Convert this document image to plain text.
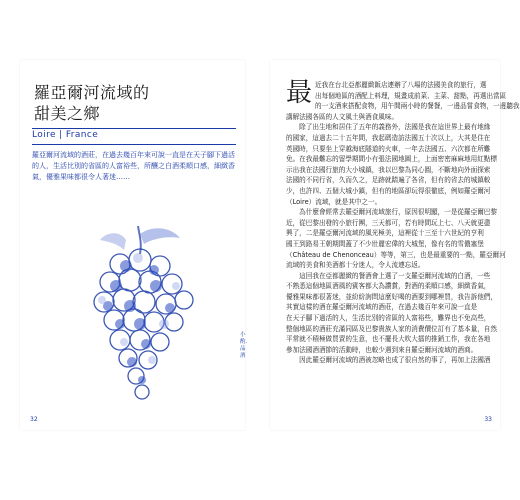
羅亞爾河流域的
甜美之鄉
Loire | France
羅亞爾河流域的酒莊，在過去幾百年來可說一直是在天子腳下過活
的人，生活比別的省區的人富裕些，所釀之白酒柔順口感，細緻香
氣，優雅果味都很令人著迷……
32
最 近我在台北亞都麗緻飯店連辦了八場的法國美食的旅行，選
出每個地區的酒配上料理，規畫成前菜、主菜、甜點，再選出當區
的一支酒來搭配食物，用午間兩小時的餐餐，一邊品嘗食物，一邊聽我
講解法國各區的人文風土與酒食風味。
　　除了出生地和居住了五年的義務外，法國是我在這世界上最有地緣
的國家，這過去二十五年間，我起碼造訪法國五十次以上，大其是住在
英國時，只要坐上穿越海底隧道的火車，一年去法國五、六次都在所難
免。在我最難忘的留學期間小有張法國地圖上，上面密密麻麻地用紅點標
示出我在法國行旅的大小城鎮，我以巴黎為同心圓，不斷地向外面探索
法國的不同行省，久而久之，足跡就踏遍了各省，但有的省去的城鎮較
少，也許四、五個大城小鎮，但有的地區卻玩得很徹底，例如羅亞爾河
（Loire）流域，就是其中之一。
　　為什麼會經常去羅亞爾河流域旅行，原因很明顯，一是從羅亞爾巴黎
近，從巴黎出發的小旅行團，三天都可，若有時間玩上七、八天就更盡
興了，二是羅亞爾河流域的風光極美，這裡從十三至十六世紀的亨利
國王到路易王朝期間蓋了不少壯麗宏偉的大城堡，像有名的雪儂塞堡
（Château de Chenonceau）等等，第三，也是最重要的一點，羅亞爾河
流域的美食和美酒都十分迷人，令人流連忘返。
　　這回我在亞都麗緻的餐酒會上選了一支羅亞爾河流域的白酒，一些
不熟悉這個地區酒風的賓客都大為讚賞，對酒的柔順口感，細緻香氣，
優雅果味都很著迷，並紛紛詢問這麼好喝的酒要到哪裡買，我告訴他們，
其實這樣的酒在羅亞爾河流域的酒莊，在過去幾百年來可說一直是
在天子腳下過活的人，生活比別的省區的人富裕些，難界也不免高些，
整個地區的酒莊充滿同區及巴黎貴族人家的消費價位訂有了基本量，自然
平常就不積極做買賣的生意，也不擺長大吹大擂的推銷工作，我在各地
參加法國酒酒節的活動時，也較少遇到來自羅亞爾河流域的酒商。
　　因此羅亞爾河流域的酒被忽略也成了很自然的事了，再加上法國酒
33
小酌．品酒
